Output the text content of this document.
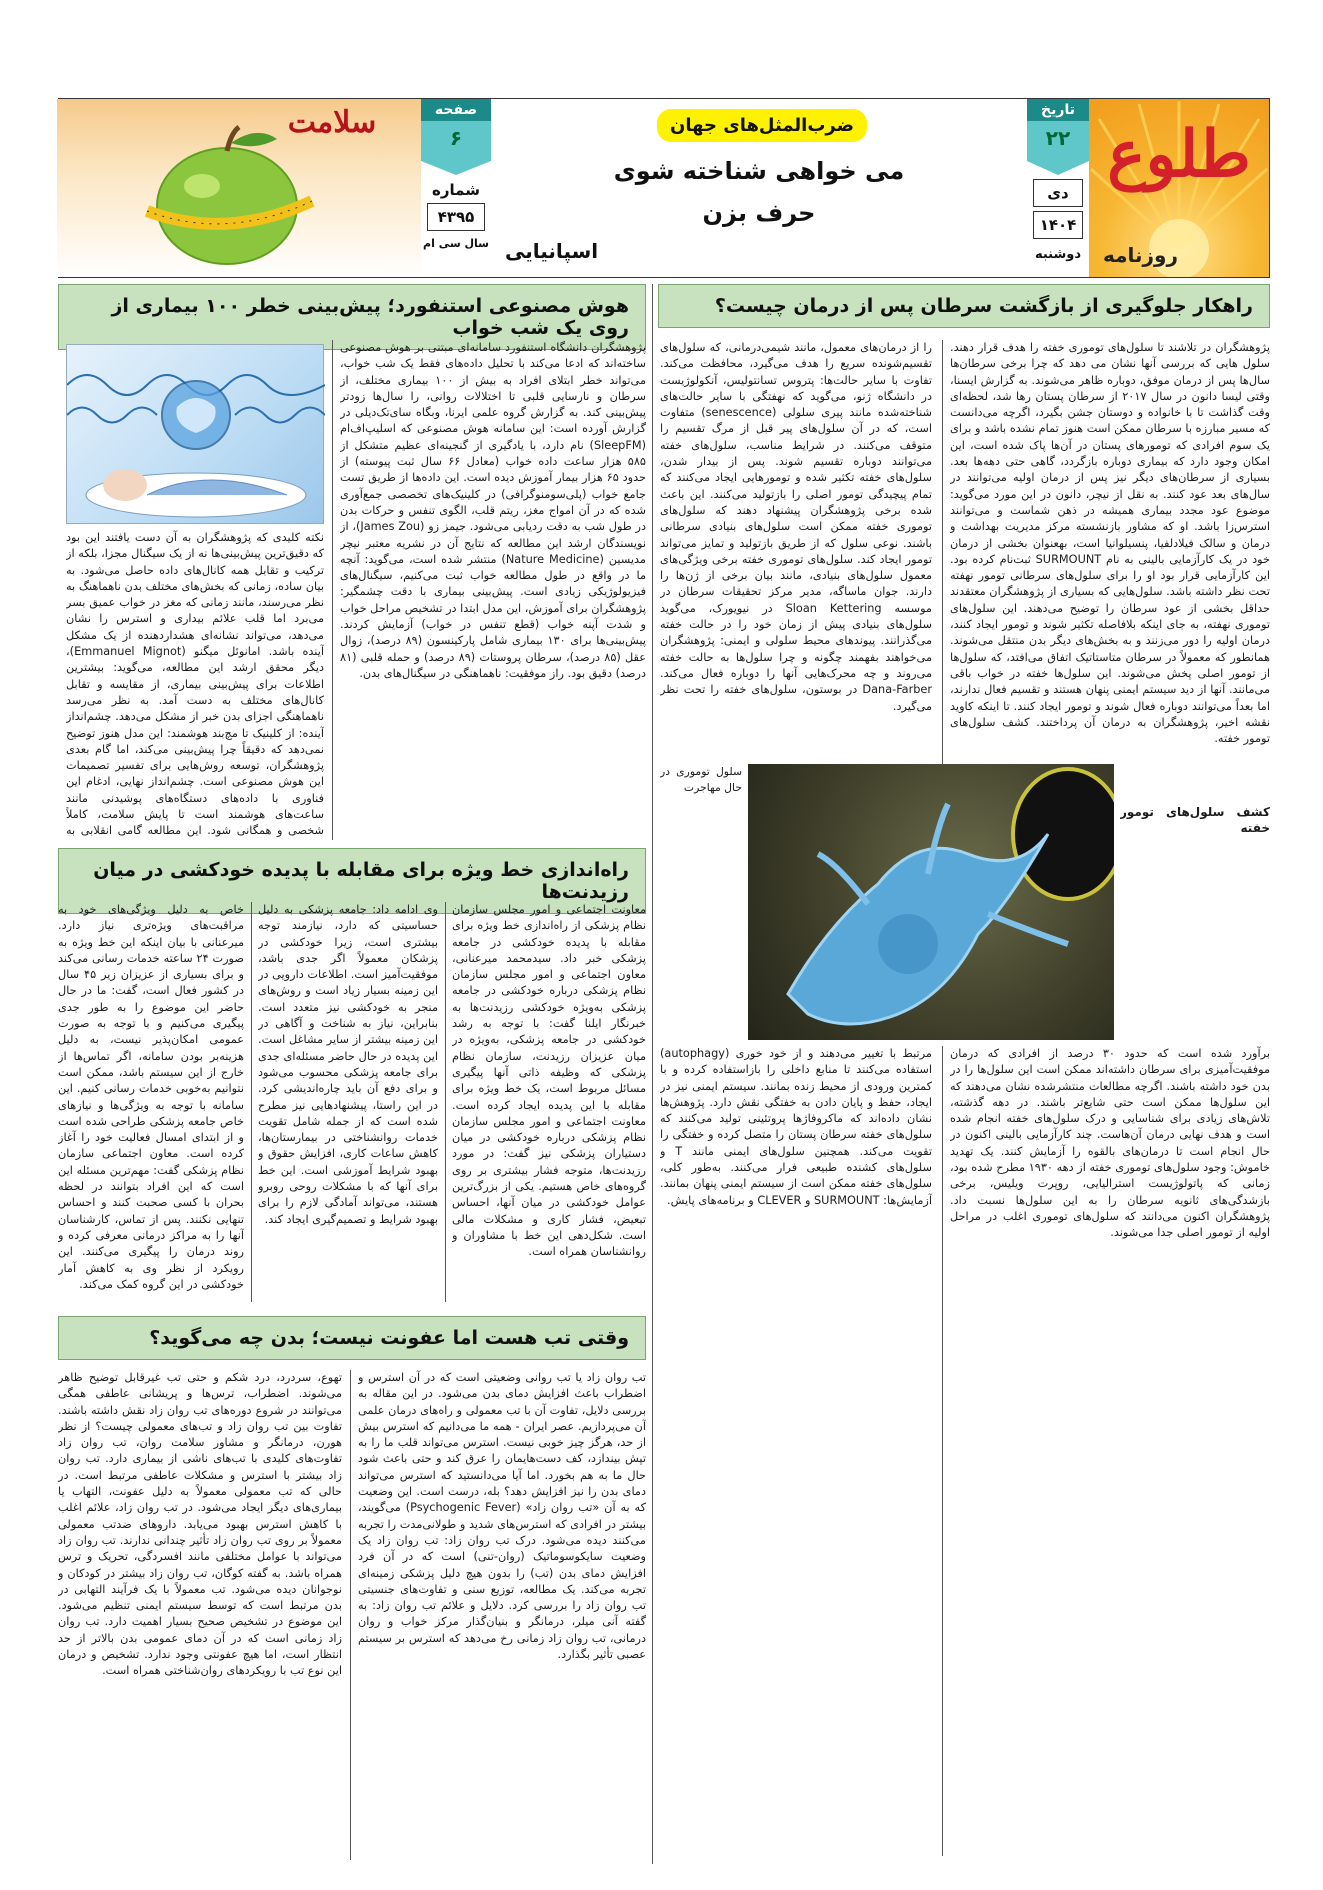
طلوع
روزنامه
تاریخ
۲۲
دی
۱۴۰۴
دوشنبه
ضرب‌المثل‌های جهان
می خواهی شناخته شوی
حرف بزن
اسپانیایی
صفحه
۶
شماره
۴۳۹۵
سال سی ام
سلامت
راهکار جلوگیری از بازگشت سرطان پس از درمان چیست؟
پژوهشگران در تلاشند تا سلول‌های توموری خفته را هدف قرار دهند. سلول هایی که بررسی آنها نشان می دهد که چرا برخی سرطان‌ها سال‌ها پس از درمان موفق، دوباره ظاهر می‌شوند. به گزارش ایسنا، وقتی لیسا دانون در سال ۲۰۱۷ از سرطان پستان رها شد، لحظه‌ای وقت گذاشت تا با خانواده و دوستان جشن بگیرد، اگرچه می‌دانست که مسیر مبارزه با سرطان ممکن است هنوز تمام نشده باشد و برای یک سوم افرادی که تومورهای پستان در آن‌ها پاک شده است، این امکان وجود دارد که بیماری دوباره بازگردد، گاهی حتی دهه‌ها بعد. بسیاری از سرطان‌های دیگر نیز پس از درمان اولیه می‌توانند در سال‌های بعد عود کنند. به نقل از نیچر، دانون در این مورد می‌گوید: موضوع عود مجدد بیماری همیشه در ذهن شماست و می‌توانند استرس‌زا باشد. او که مشاور بازنشسته مرکز مدیریت بهداشت و درمان و سالک فیلادلفیا، پنسیلوانیا است، بهعنوان بخشی از درمان خود در یک کارآزمایی بالینی به نام SURMOUNT ثبت‌نام کرده بود. این کارآزمایی قرار بود او را برای سلول‌های سرطانی تومور نهفته تحت نظر داشته باشد. سلول‌هایی که بسیاری از پژوهشگران معتقدند حداقل بخشی از عود سرطان را توضیح می‌دهند. این سلول‌های توموری نهفته، به جای اینکه بلافاصله تکثیر شوند و تومور ایجاد کنند، درمان اولیه را دور می‌زنند و به بخش‌های دیگر بدن منتقل می‌شوند. همانطور که معمولاً در سرطان متاستاتیک اتفاق می‌افتد، که سلول‌ها از تومور اصلی پخش می‌شوند. این سلول‌ها خفته در خواب باقی می‌مانند. آنها از دید سیستم ایمنی پنهان هستند و تقسیم فعال ندارند، اما بعداً می‌توانند دوباره فعال شوند و تومور ایجاد کنند. تا اینکه کاوید نقشه اخیر، پژوهشگران به درمان آن پرداختند. کشف سلول‌های تومور خفته.
را از درمان‌های معمول، مانند شیمی‌درمانی، که سلول‌های تقسیم‌شونده سریع را هدف می‌گیرد، محافظت می‌کند. تفاوت با سایر حالت‌ها: پتروس تسانتولیس، آنکولوژیست در دانشگاه ژنو، می‌گوید که نهفتگی با سایر حالت‌های شناخته‌شده مانند پیری سلولی (senescence) متفاوت است، که در آن سلول‌های پیر قبل از مرگ تقسیم را متوقف می‌کنند. در شرایط مناسب، سلول‌های خفته می‌توانند دوباره تقسیم شوند. پس از بیدار شدن، سلول‌های خفته تکثیر شده و تومورهایی ایجاد می‌کنند که تمام پیچیدگی تومور اصلی را بازتولید می‌کنند. این باعث شده برخی پژوهشگران پیشنهاد دهند که سلول‌های توموری خفته ممکن است سلول‌های بنیادی سرطانی باشند. نوعی سلول که از طریق بازتولید و تمایز می‌تواند تومور ایجاد کند. سلول‌های توموری خفته برخی ویژگی‌های معمول سلول‌های بنیادی، مانند بیان برخی از ژن‌ها را دارند. جوان ماساگه، مدیر مرکز تحقیقات سرطان در موسسه Sloan Kettering در نیویورک، می‌گوید سلول‌های بنیادی پیش از زمان خود را در حالت خفته می‌گذرانند. پیوندهای محیط سلولی و ایمنی: پژوهشگران می‌خواهند بفهمند چگونه و چرا سلول‌ها به حالت خفته می‌روند و چه محرک‌هایی آنها را دوباره فعال می‌کند. Dana-Farber در بوستون، سلول‌های خفته را تحت نظر می‌گیرد.
سلول توموری در حال مهاجرت
کشف سلول‌های تومور خفته
برآورد شده است که حدود ۳۰ درصد از افرادی که درمان موفقیت‌آمیزی برای سرطان داشته‌اند ممکن است این سلول‌ها را در بدن خود داشته باشند. اگرچه مطالعات منتشرشده نشان می‌دهند که این سلول‌ها ممکن است حتی شایع‌تر باشند. در دهه گذشته، تلاش‌های زیادی برای شناسایی و درک سلول‌های خفته انجام شده است و هدف نهایی درمان آن‌هاست. چند کارآزمایی بالینی اکنون در حال انجام است تا درمان‌های بالقوه را آزمایش کنند. یک تهدید خاموش: وجود سلول‌های توموری خفته از دهه ۱۹۳۰ مطرح شده بود، زمانی که پاتولوژیست استرالیایی، روپرت ویلیس، برخی بازشدگی‌های ثانویه سرطان را به این سلول‌ها نسبت داد. پژوهشگران اکنون می‌دانند که سلول‌های توموری اغلب در مراحل اولیه از تومور اصلی جدا می‌شوند.
مرتبط با تغییر می‌دهند و از خود خوری (autophagy) استفاده می‌کنند تا منابع داخلی را بازاستفاده کرده و با کمترین ورودی از محیط زنده بمانند. سیستم ایمنی نیز در ایجاد، حفظ و پایان دادن به خفتگی نقش دارد. پژوهش‌ها نشان داده‌اند که ماکروفاژها پروتئینی تولید می‌کنند که سلول‌های خفته سرطان پستان را متصل کرده و خفتگی را تقویت می‌کند. همچنین سلول‌های ایمنی مانند T و سلول‌های کشنده طبیعی فرار می‌کنند. به‌طور کلی، سلول‌های خفته ممکن است از سیستم ایمنی پنهان بمانند. آزمایش‌ها: SURMOUNT و CLEVER و برنامه‌های پایش.
هوش مصنوعی استنفورد؛ پیش‌بینی خطر ۱۰۰ بیماری از روی یک شب خواب
پژوهشگران دانشگاه استنفورد سامانه‌ای مبتنی بر هوش مصنوعی ساخته‌اند که ادعا می‌کند با تحلیل داده‌های فقط یک شب خواب، می‌تواند خطر ابتلای افراد به بیش از ۱۰۰ بیماری مختلف، از سرطان و نارسایی قلبی تا اختلالات روانی، را سال‌ها زودتر پیش‌بینی کند. به گزارش گروه علمی ایرنا، وبگاه سای‌تک‌دیلی در گزارش آورده است: این سامانه هوش مصنوعی که اسلیپ‌اف‌ام (SleepFM) نام دارد، با یادگیری از گنجینه‌ای عظیم متشکل از ۵۸۵ هزار ساعت داده خواب (معادل ۶۶ سال ثبت پیوسته) از حدود ۶۵ هزار بیمار آموزش دیده است. این داده‌ها از طریق تست جامع خواب (پلی‌سومنوگرافی) در کلینیک‌های تخصصی جمع‌آوری شده که در آن امواج مغز، ریتم قلب، الگوی تنفس و حرکات بدن در طول شب به دقت ردیابی می‌شود. جیمز زو (James Zou)، از نویسندگان ارشد این مطالعه که نتایج آن در نشریه معتبر نیچر مدیسین (Nature Medicine) منتشر شده است، می‌گوید: آنچه ما در واقع در طول مطالعه خواب ثبت می‌کنیم، سیگنال‌های فیزیولوژیکی زیادی است. پیش‌بینی بیماری با دقت چشمگیر: پژوهشگران برای آموزش، این مدل ابتدا در تشخیص مراحل خواب و شدت آپنه خواب (قطع تنفس در خواب) آزمایش کردند. پیش‌بینی‌ها برای ۱۳۰ بیماری شامل پارکینسون (۸۹ درصد)، زوال عقل (۸۵ درصد)، سرطان پروستات (۸۹ درصد) و حمله قلبی (۸۱ درصد) دقیق بود. راز موفقیت: ناهماهنگی در سیگنال‌های بدن.
نکته کلیدی که پژوهشگران به آن دست یافتند این بود که دقیق‌ترین پیش‌بینی‌ها نه از یک سیگنال مجزا، بلکه از ترکیب و تقابل همه کانال‌های داده حاصل می‌شود. به بیان ساده، زمانی که بخش‌های مختلف بدن ناهماهنگ به نظر می‌رسند، مانند زمانی که مغز در خواب عمیق بسر می‌برد اما قلب علائم بیداری و استرس را نشان می‌دهد، می‌تواند نشانه‌ای هشداردهنده از یک مشکل آینده باشد. امانوئل میگنو (Emmanuel Mignot)، دیگر محقق ارشد این مطالعه، می‌گوید: بیشترین اطلاعات برای پیش‌بینی بیماری، از مقایسه و تقابل کانال‌های مختلف به دست آمد. به نظر می‌رسد ناهماهنگی اجزای بدن خبر از مشکل می‌دهد. چشم‌انداز آینده: از کلینیک تا مچ‌بند هوشمند: این مدل هنوز توضیح نمی‌دهد که دقیقاً چرا پیش‌بینی می‌کند، اما گام بعدی پژوهشگران، توسعه روش‌هایی برای تفسیر تصمیمات این هوش مصنوعی است. چشم‌انداز نهایی، ادغام این فناوری با داده‌های دستگاه‌های پوشیدنی مانند ساعت‌های هوشمند است تا پایش سلامت، کاملاً شخصی و همگانی شود. این مطالعه گامی انقلابی به
راه‌اندازی خط ویژه برای مقابله با پدیده خودکشی در میان رزیدنت‌ها
معاونت اجتماعی و امور مجلس سازمان نظام پزشکی از راه‌اندازی خط ویژه برای مقابله با پدیده خودکشی در جامعه پزشکی خبر داد. سیدمحمد میرعنانی، معاون اجتماعی و امور مجلس سازمان نظام پزشکی درباره خودکشی در جامعه پزشکی به‌ویژه خودکشی رزیدنت‌ها به خبرنگار ایلنا گفت: با توجه به رشد خودکشی در جامعه پزشکی، به‌ویژه در میان عزیزان رزیدنت، سازمان نظام پزشکی که وظیفه ذاتی آنها پیگیری مسائل مربوط است، یک خط ویژه برای مقابله با این پدیده ایجاد کرده است. معاونت اجتماعی و امور مجلس سازمان نظام پزشکی درباره خودکشی در میان دستیاران پزشکی نیز گفت: در مورد رزیدنت‌ها، متوجه فشار بیشتری بر روی گروه‌های خاص هستیم. یکی از بزرگ‌ترین عوامل خودکشی در میان آنها، احساس تبعیض، فشار کاری و مشکلات مالی است. شکل‌دهی این خط با مشاوران و روانشناسان همراه است.
وی ادامه داد: جامعه پزشکی به دلیل حساسیتی که دارد، نیازمند توجه بیشتری است، زیرا خودکشی در پزشکان معمولاً اگر جدی باشد، موفقیت‌آمیز است. اطلاعات دارویی در این زمینه بسیار زیاد است و روش‌های منجر به خودکشی نیز متعدد است. بنابراین، نیاز به شناخت و آگاهی در این زمینه بیشتر از سایر مشاغل است. این پدیده در حال حاضر مسئله‌ای جدی برای جامعه پزشکی محسوب می‌شود و برای دفع آن باید چاره‌اندیشی کرد. در این راستا، پیشنهادهایی نیز مطرح شده است که از جمله شامل تقویت خدمات روانشناختی در بیمارستان‌ها، کاهش ساعات کاری، افزایش حقوق و بهبود شرایط آموزشی است. این خط برای آنها که با مشکلات روحی روبرو هستند، می‌تواند آمادگی لازم را برای بهبود شرایط و تصمیم‌گیری ایجاد کند.
خاص به دلیل ویژگی‌های خود به مراقبت‌های ویژه‌تری نیاز دارد. میرعنانی با بیان اینکه این خط ویژه به صورت ۲۴ ساعته خدمات رسانی می‌کند و برای بسیاری از عزیزان زیر ۴۵ سال در کشور فعال است، گفت: ما در حال حاضر این موضوع را به طور جدی پیگیری می‌کنیم و با توجه به صورت عمومی امکان‌پذیر نیست، به دلیل هزینه‌بر بودن سامانه، اگر تماس‌ها از خارج از این سیستم باشد، ممکن است نتوانیم به‌خوبی خدمات رسانی کنیم. این سامانه با توجه به ویژگی‌ها و نیازهای خاص جامعه پزشکی طراحی شده است و از ابتدای امسال فعالیت خود را آغاز کرده است. معاون اجتماعی سازمان نظام پزشکی گفت: مهم‌ترین مسئله این است که این افراد بتوانند در لحظه بحران با کسی صحبت کنند و احساس تنهایی نکنند. پس از تماس، کارشناسان آنها را به مراکز درمانی معرفی کرده و روند درمان را پیگیری می‌کنند. این رویکرد از نظر وی به کاهش آمار خودکشی در این گروه کمک می‌کند.
وقتی تب هست اما عفونت نیست؛ بدن چه می‌گوید؟
تب روان زاد یا تب روانی وضعیتی است که در آن استرس و اضطراب باعث افزایش دمای بدن می‌شود. در این مقاله به بررسی دلایل، تفاوت آن با تب معمولی و راه‌های درمان علمی آن می‌پردازیم. عصر ایران - همه ما می‌دانیم که استرس بیش از حد، هرگز چیز خوبی نیست. استرس می‌تواند قلب ما را به تپش بیندازد، کف دست‌هایمان را عرق کند و حتی باعث شود حال ما به هم بخورد. اما آیا می‌دانستید که استرس می‌تواند دمای بدن را نیز افزایش دهد؟ بله، درست است. این وضعیت که به آن «تب روان زاد» (Psychogenic Fever) می‌گویند، بیشتر در افرادی که استرس‌های شدید و طولانی‌مدت را تجربه می‌کنند دیده می‌شود. درک تب روان زاد: تب روان زاد یک وضعیت سایکوسوماتیک (روان-تنی) است که در آن فرد افزایش دمای بدن (تب) را بدون هیچ دلیل پزشکی زمینه‌ای تجربه می‌کند. یک مطالعه، توزیع سنی و تفاوت‌های جنسیتی تب روان زاد را بررسی کرد. دلایل و علائم تب روان زاد: به گفته آنی میلر، درمانگر و بنیان‌گذار مرکز خواب و روان درمانی، تب روان زاد زمانی رخ می‌دهد که استرس بر سیستم عصبی تأثیر بگذارد.
تهوع، سردرد، درد شکم و حتی تب غیرقابل توضیح ظاهر می‌شوند. اضطراب، ترس‌ها و پریشانی عاطفی همگی می‌توانند در شروع دوره‌های تب روان زاد نقش داشته باشند. تفاوت بین تب روان زاد و تب‌های معمولی چیست؟ از نظر هورن، درمانگر و مشاور سلامت روان، تب روان زاد تفاوت‌های کلیدی با تب‌های ناشی از بیماری دارد. تب روان زاد بیشتر با استرس و مشکلات عاطفی مرتبط است. در حالی که تب معمولی معمولاً به دلیل عفونت، التهاب یا بیماری‌های دیگر ایجاد می‌شود. در تب روان زاد، علائم اغلب با کاهش استرس بهبود می‌یابد. داروهای ضدتب معمولی معمولاً بر روی تب روان زاد تأثیر چندانی ندارند. تب روان زاد می‌تواند با عوامل مختلفی مانند افسردگی، تحریک و ترس همراه باشد. به گفته کوگان، تب روان زاد بیشتر در کودکان و نوجوانان دیده می‌شود. تب معمولاً با یک فرآیند التهابی در بدن مرتبط است که توسط سیستم ایمنی تنظیم می‌شود. این موضوع در تشخیص صحیح بسیار اهمیت دارد. تب روان زاد زمانی است که در آن دمای عمومی بدن بالاتر از حد انتظار است، اما هیچ عفونتی وجود ندارد. تشخیص و درمان این نوع تب با رویکردهای روان‌شناختی همراه است.
